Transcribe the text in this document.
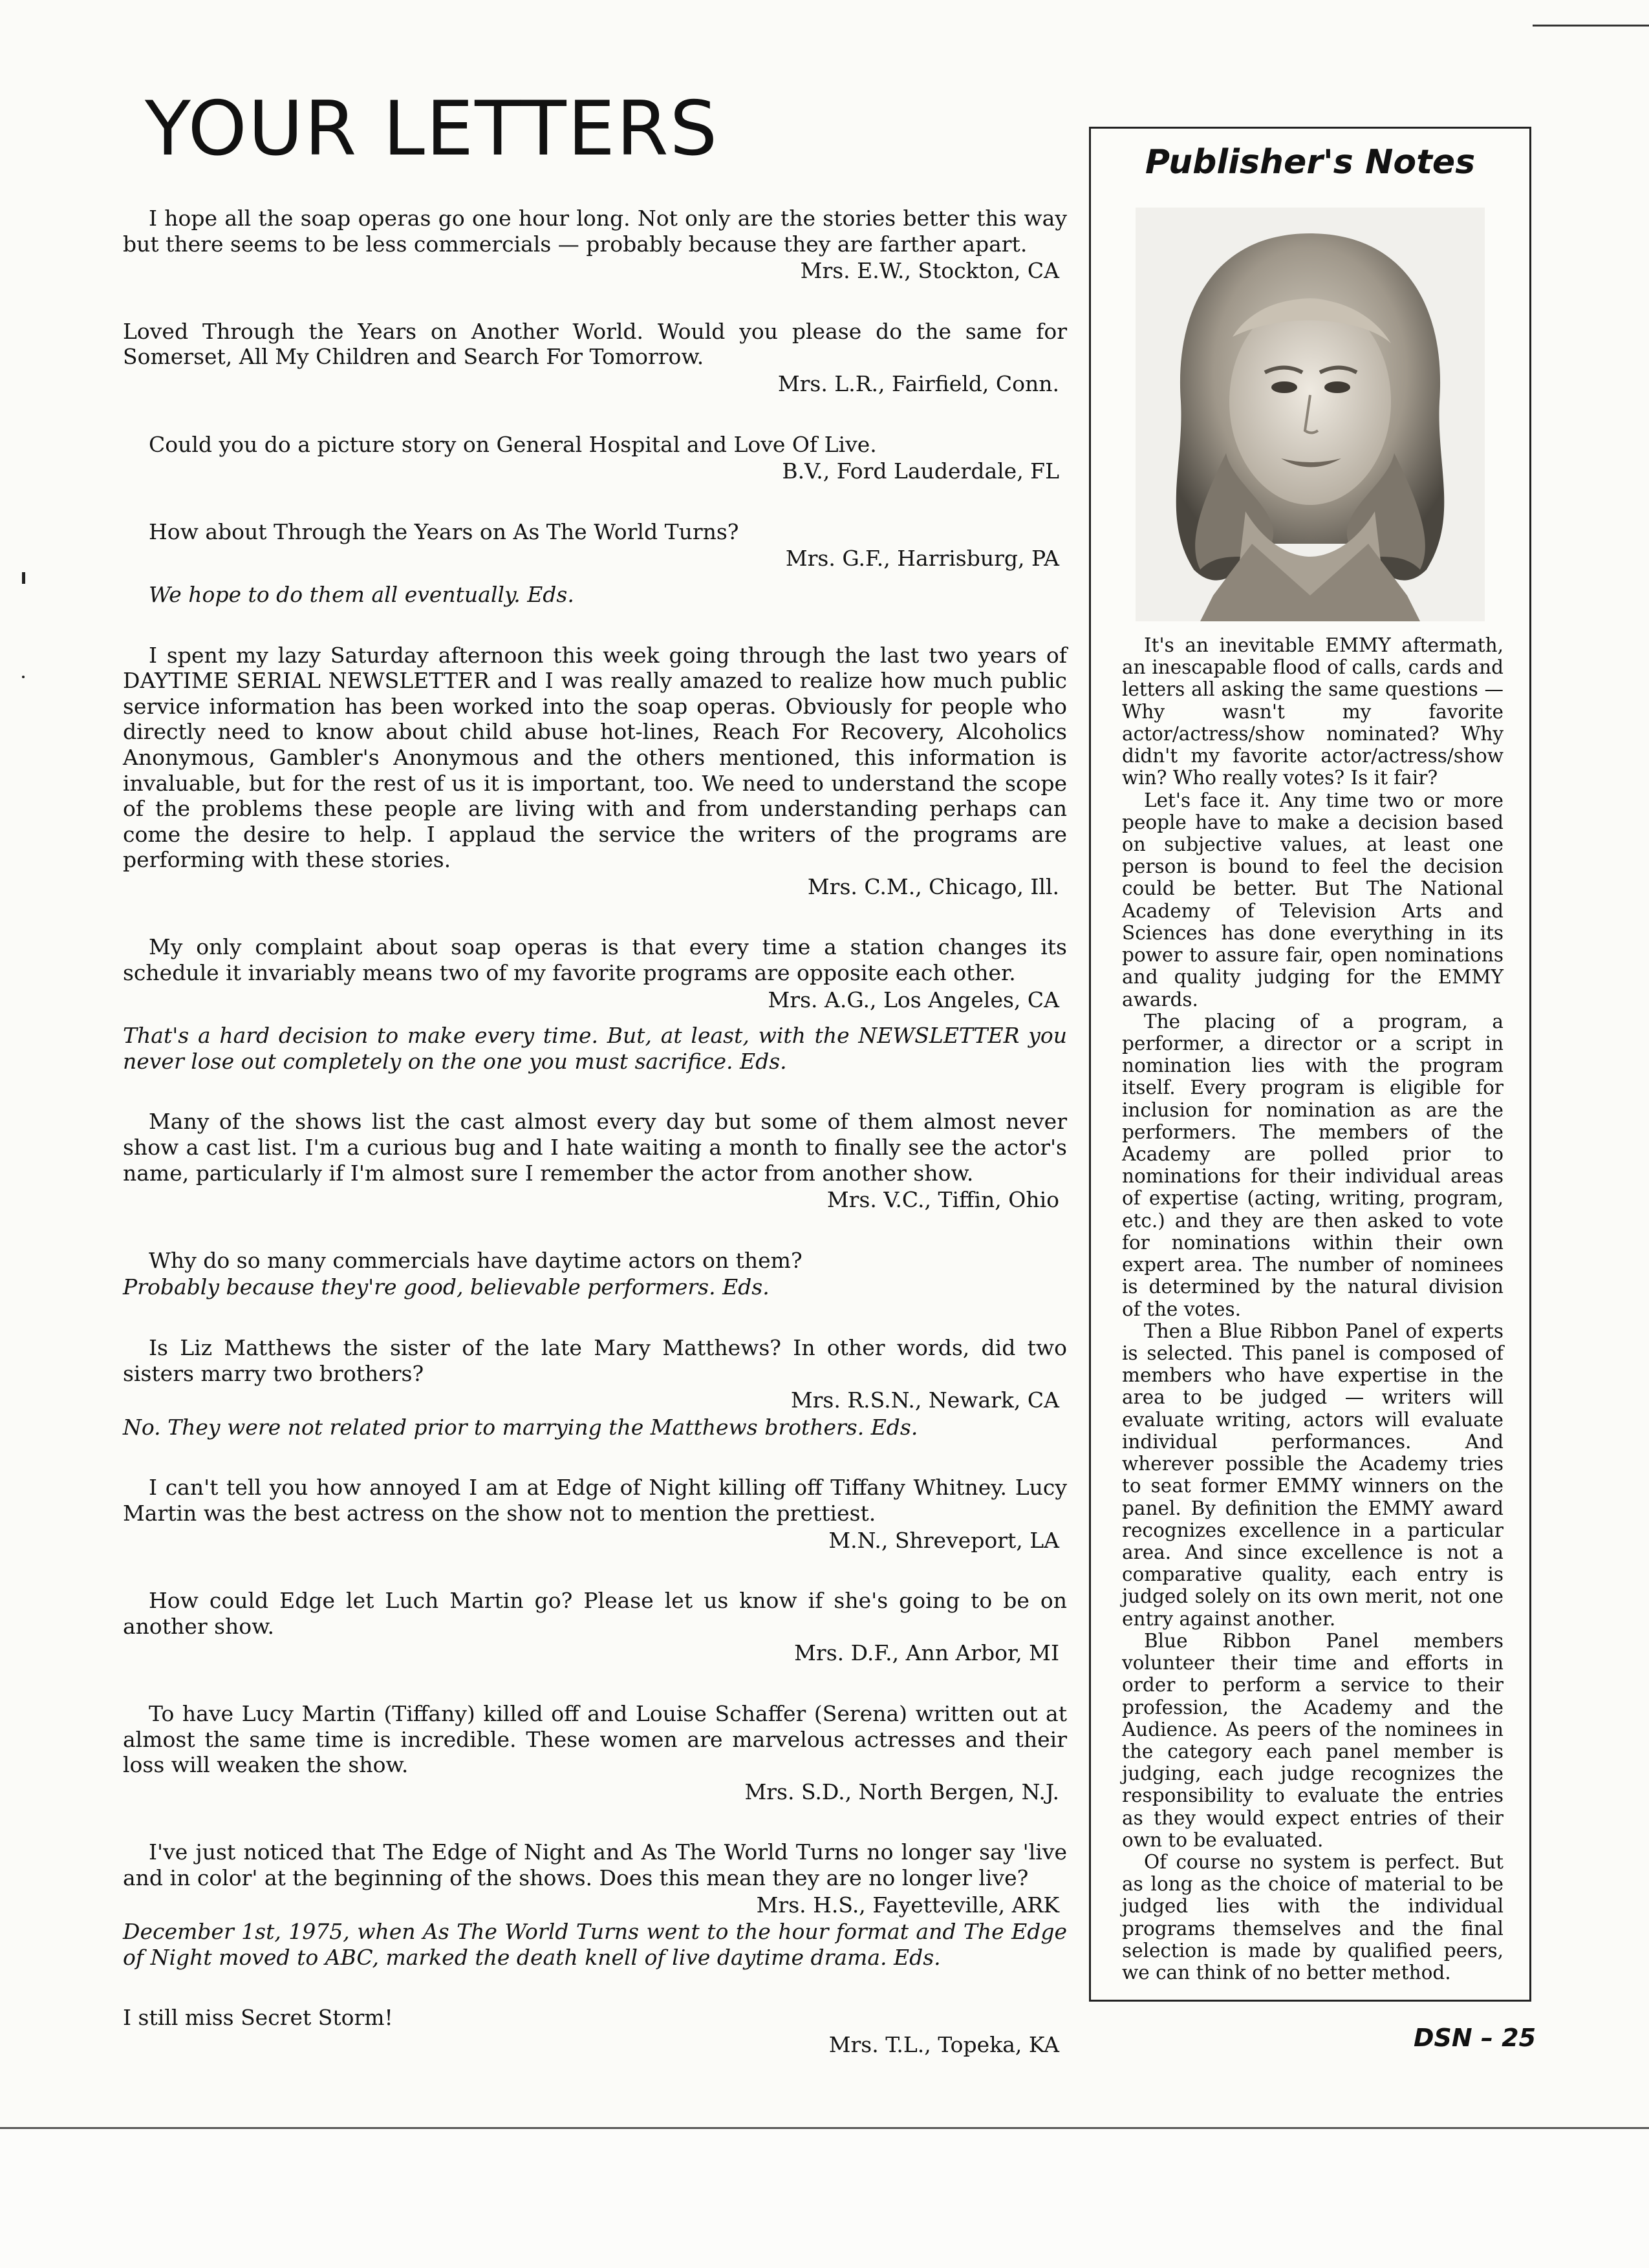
YOUR LETTERS

I hope all the soap operas go one hour long. Not only are the stories better this way but there seems to be less commercials — probably because they are farther apart.

Mrs. E.W., Stockton, CA

Loved Through the Years on Another World. Would you please do the same for Somerset, All My Children and Search For Tomorrow.

Mrs. L.R., Fairfield, Conn.

Could you do a picture story on General Hospital and Love Of Live.

B.V., Ford Lauderdale, FL

How about Through the Years on As The World Turns?

Mrs. G.F., Harrisburg, PA

We hope to do them all eventually. Eds.

I spent my lazy Saturday afternoon this week going through the last two years of DAYTIME SERIAL NEWSLETTER and I was really amazed to realize how much public service information has been worked into the soap operas. Obviously for people who directly need to know about child abuse hot-lines, Reach For Recovery, Alcoholics Anonymous, Gambler's Anonymous and the others mentioned, this information is invaluable, but for the rest of us it is important, too. We need to understand the scope of the problems these people are living with and from understanding perhaps can come the desire to help. I applaud the service the writers of the programs are performing with these stories.

Mrs. C.M., Chicago, Ill.

My only complaint about soap operas is that every time a station changes its schedule it invariably means two of my favorite programs are opposite each other.

Mrs. A.G., Los Angeles, CA

That's a hard decision to make every time. But, at least, with the NEWSLETTER you never lose out completely on the one you must sacrifice. Eds.

Many of the shows list the cast almost every day but some of them almost never show a cast list. I'm a curious bug and I hate waiting a month to finally see the actor's name, particularly if I'm almost sure I remember the actor from another show.

Mrs. V.C., Tiffin, Ohio

Why do so many commercials have daytime actors on them?

Probably because they're good, believable performers. Eds.

Is Liz Matthews the sister of the late Mary Matthews? In other words, did two sisters marry two brothers?

Mrs. R.S.N., Newark, CA

No. They were not related prior to marrying the Matthews brothers. Eds.

I can't tell you how annoyed I am at Edge of Night killing off Tiffany Whitney. Lucy Martin was the best actress on the show not to mention the prettiest.

M.N., Shreveport, LA

How could Edge let Luch Martin go? Please let us know if she's going to be on another show.

Mrs. D.F., Ann Arbor, MI

To have Lucy Martin (Tiffany) killed off and Louise Schaffer (Serena) written out at almost the same time is incredible. These women are marvelous actresses and their loss will weaken the show.

Mrs. S.D., North Bergen, N.J.

I've just noticed that The Edge of Night and As The World Turns no longer say 'live and in color' at the beginning of the shows. Does this mean they are no longer live?

Mrs. H.S., Fayetteville, ARK

December 1st, 1975, when As The World Turns went to the hour format and The Edge of Night moved to ABC, marked the death knell of live daytime drama. Eds.

I still miss Secret Storm!

Mrs. T.L., Topeka, KA

Publisher's Notes

It's an inevitable EMMY aftermath, an inescapable flood of calls, cards and letters all asking the same questions — Why wasn't my favorite actor/actress/show nominated? Why didn't my favorite actor/actress/show win? Who really votes? Is it fair?

Let's face it. Any time two or more people have to make a decision based on subjective values, at least one person is bound to feel the decision could be better. But The National Academy of Television Arts and Sciences has done everything in its power to assure fair, open nominations and quality judging for the EMMY awards.

The placing of a program, a performer, a director or a script in nomination lies with the program itself. Every program is eligible for inclusion for nomination as are the performers. The members of the Academy are polled prior to nominations for their individual areas of expertise (acting, writing, program, etc.) and they are then asked to vote for nominations within their own expert area. The number of nominees is determined by the natural division of the votes.

Then a Blue Ribbon Panel of experts is selected. This panel is composed of members who have expertise in the area to be judged — writers will evaluate writing, actors will evaluate individual performances. And wherever possible the Academy tries to seat former EMMY winners on the panel. By definition the EMMY award recognizes excellence in a particular area. And since excellence is not a comparative quality, each entry is judged solely on its own merit, not one entry against another.

Blue Ribbon Panel members volunteer their time and efforts in order to perform a service to their profession, the Academy and the Audience. As peers of the nominees in the category each panel member is judging, each judge recognizes the responsibility to evaluate the entries as they would expect entries of their own to be evaluated.

Of course no system is perfect. But as long as the choice of material to be judged lies with the individual programs themselves and the final selection is made by qualified peers, we can think of no better method.

DSN – 25
